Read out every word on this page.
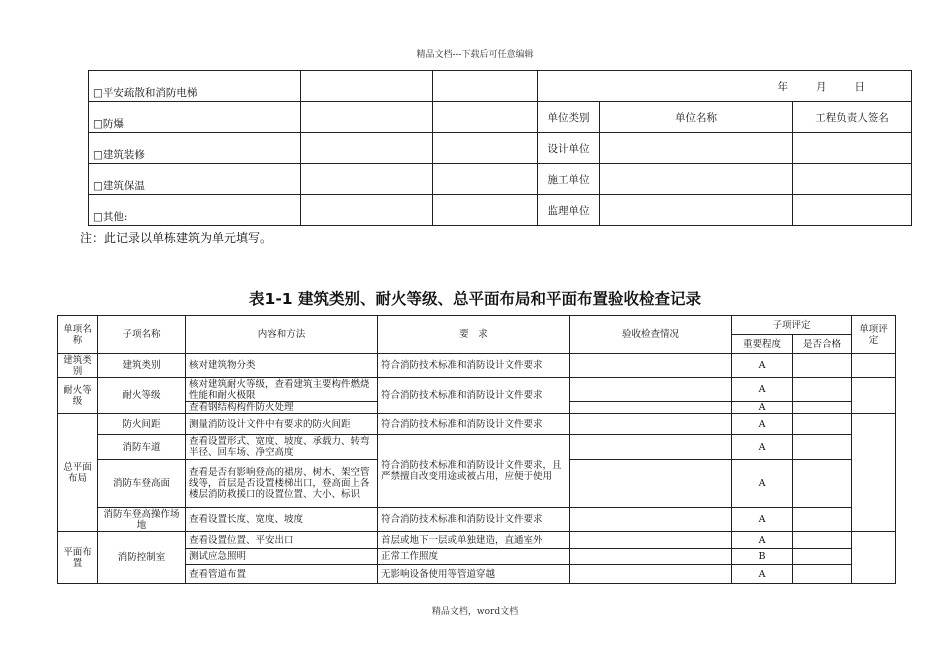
精品文档---下载后可任意编辑
□平安疏散和消防电梯			年 月 日		
□防爆			单位类别	单位名称	工程负责人签名
□建筑装修			设计单位		
□建筑保温			施工单位		
□其他:			监理单位		
注：此记录以单栋建筑为单元填写。
表1-1 建筑类别、耐火等级、总平面布局和平面布置验收检查记录
单项名称	子项名称	内容和方法	要　求	验收检查情况	子项评定		单项评定
					重要程度	是否合格	
建筑类别	建筑类别	核对建筑物分类	符合消防技术标准和消防设计文件要求		A		
耐火等级	耐火等级	核对建筑耐火等级，查看建筑主要构件燃烧性能和耐火极限	符合消防技术标准和消防设计文件要求		A		
		查看钢结构构件防火处理			A		
总平面布局	防火间距	测量消防设计文件中有要求的防火间距	符合消防技术标准和消防设计文件要求		A		
	消防车道	查看设置形式、宽度、坡度、承载力、转弯半径、回车场、净空高度	符合消防技术标准和消防设计文件要求，且严禁擅自改变用途或被占用，应便于使用		A		
	消防车登高面	查看是否有影响登高的裙房、树木、架空管线等，首层是否设置楼梯出口，登高面上各楼层消防救援口的设置位置、大小、标识			A		
	消防车登高操作场地	查看设置长度、宽度、坡度	符合消防技术标准和消防设计文件要求		A		
平面布置	消防控制室	查看设置位置、平安出口	首层或地下一层或单独建造，直通室外		A		
		测试应急照明	正常工作照度		B		
		查看管道布置	无影响设备使用等管道穿越		A		
精品文档，word文档
